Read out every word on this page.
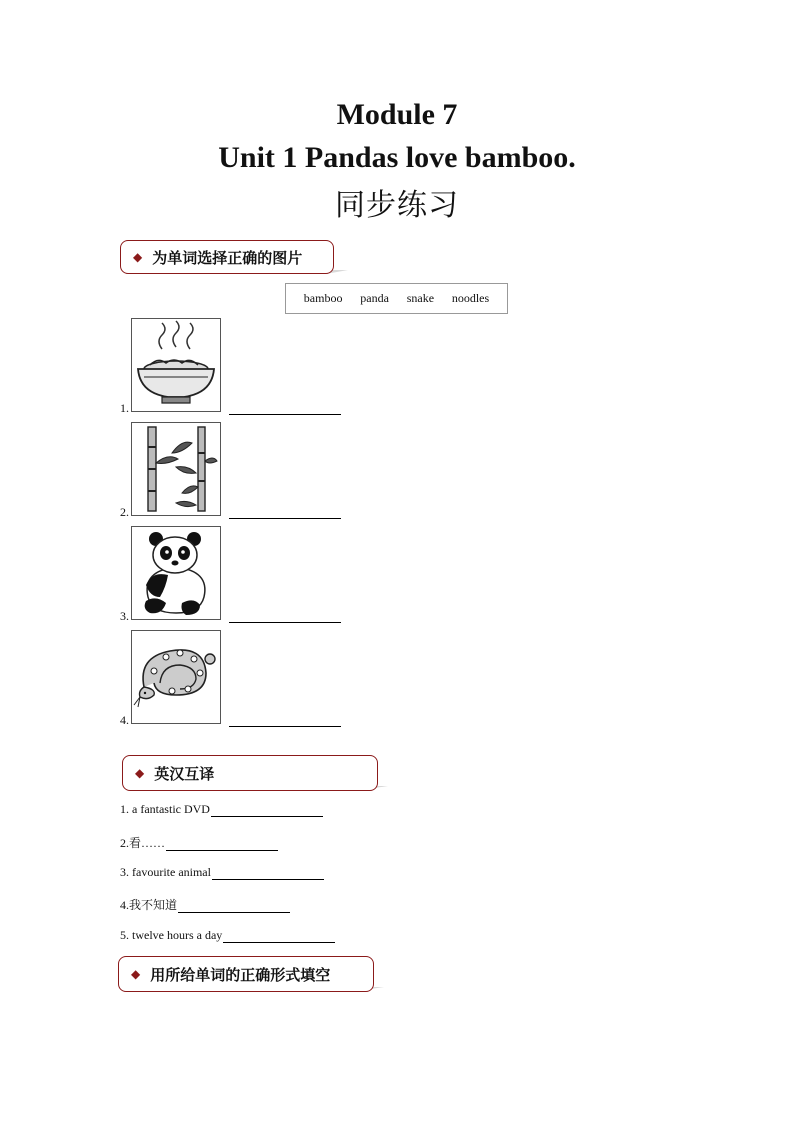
Module 7
Unit 1 Pandas love bamboo.
同步练习
◆ 为单词选择正确的图片
bamboo panda snake noodles
1.
2.
3.
4.
◆ 英汉互译
1. a fantastic DVD
2.看……
3. favourite animal
4.我不知道
5. twelve hours a day
◆ 用所给单词的正确形式填空
